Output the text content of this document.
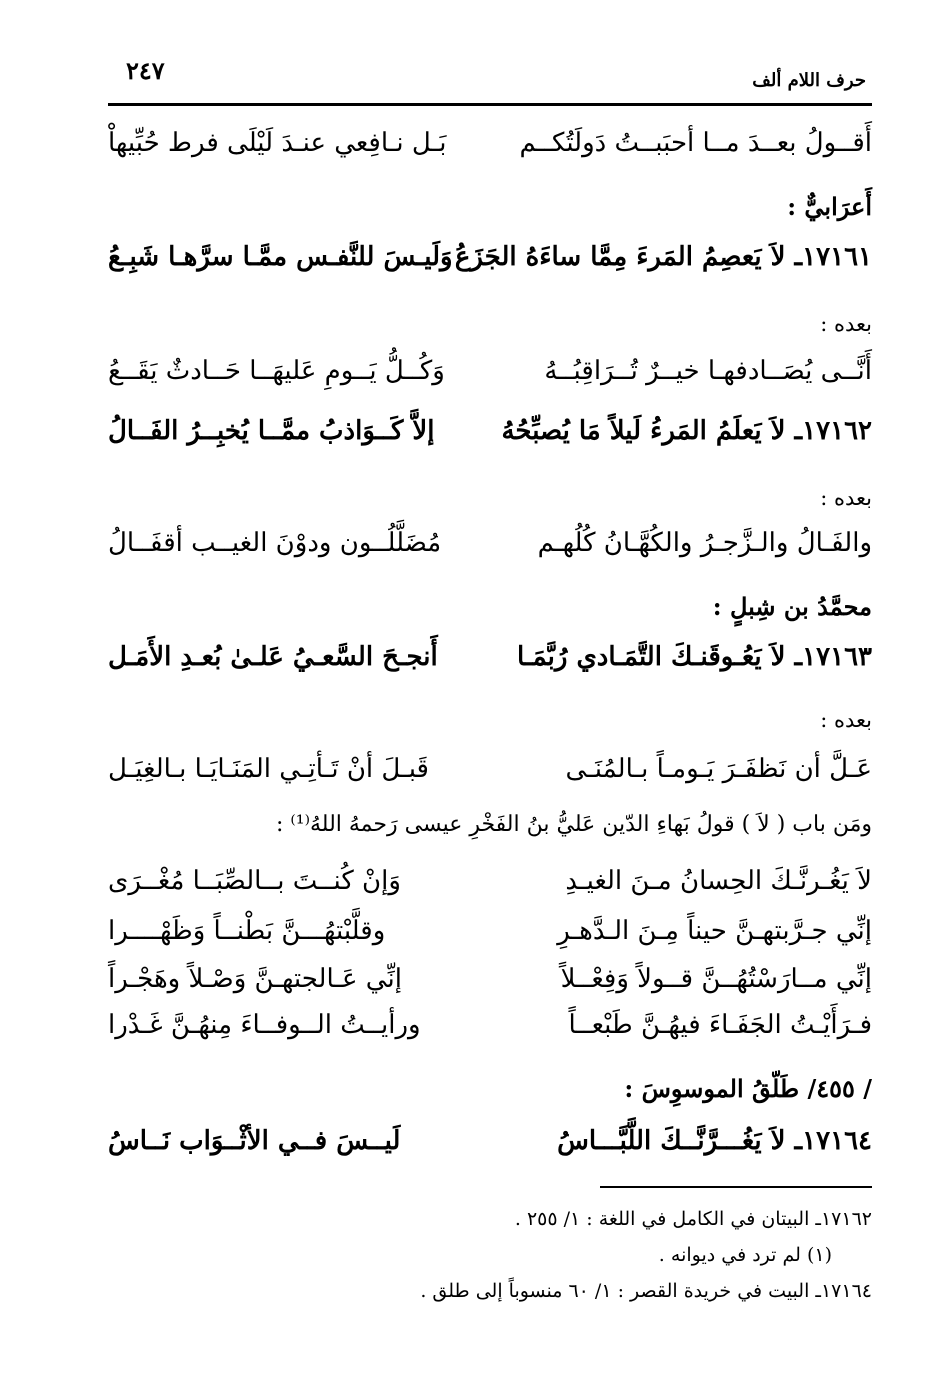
٢٤٧	حرف اللام ألف
أَقــولُ بعــدَ مــا أحبَبــتُ دَولَتُكــم
بَـل نـافِعي عنـدَ لَيْلَى فرط حُبِّيهاْ
أَعرَابيٌّ :
١٧١٦١ـ لاَ يَعصِمُ المَرءَ مِمَّا ساءَهُ الجَزَعُ
وَلَيـسَ للنَّفـس ممَّـا سرَّهـا شَبِـعُ
بعده :
أَنَّــى يُصَــادفهـا خيــرٌ تُــرَاقِبُــهُ
وَكُــلُّ يَــومِ عَليهَــا حَــادثٌ يَقَــعُ
١٧١٦٢ـ لاَ يَعلَمُ المَرءُ لَيلاً مَا يُصبِّحُهُ
إلاَّ كَــوَاذبُ ممَّــا يُخبِــرُ الفَــالُ
بعده :
والفَـالُ والـزَّجـرُ والكُهَّـانُ كُلُهـم
مُضَلَّلُــون ودوْنَ الغيــب أقفَــالُ
محمَّدُ بن شِبلٍ :
١٧١٦٣ـ لاَ يَعُـوقَنـكَ التَّمَـادي رُبَّمَـا
أَنجـحَ السَّعـيُ عَلـىٰ بُعـدِ الأَمَـل
بعده :
عَـلَّ أن نَظفَـرَ يَـومـاً بـالمُنَـى
قَبـلَ أنْ تَـأتِـي المَنَـايَـا بـالغِيَـل
ومَن باب ( لاَ ) قولُ بَهاءِ الدّين عَليُّ بنُ الفَخْرِ عيسى رَحمهُ اللهُ⁽¹⁾ :
لاَ يَغُـرنَّـكَ الحِسانُ مـنَ الغيـدِ
وَإنْ كُنــتَ بــالصِّبَــا مُغْــرَى
إنِّي جـرَّبتهـنَّ حيناً مِـنَ الـدَّهـرِ
وقلَّبْتهُـــنَّ بَطْنــاً وَظَهْــــرا
إنِّي مــارَسْتُهُــنَّ قــولاً وَفِعْــلاً
إنِّي عَـالجتهـنَّ وَصْـلاً وهَجْـراً
فـرَأَيْـتُ الجَفَـاءَ فيهُـنَّ طَبْعــاً
ورأيــتُ الــوفــاءَ مِنهُـنَّ غَـدْرا
/ ٤٥٥/ طَلّقُ الموسوِسَ :
١٧١٦٤ـ لاَ يَغُـــرَّنَّــكَ اللَّبَّـــاسُ
لَيــسَ فــي الأثْــوَاب نَــاسُ
١٧١٦٢ـ البيتان في الكامل في اللغة : ١/ ٢٥٥ .
(١) لم ترد في ديوانه .
١٧١٦٤ـ البيت في خريدة القصر : ١/ ٦٠ منسوباً إلى طلق .
